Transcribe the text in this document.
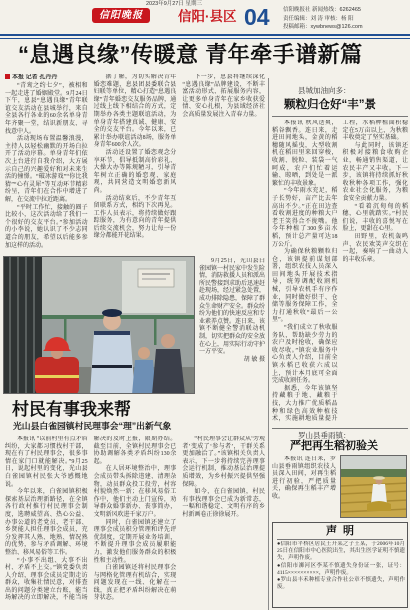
2023年9月27日 星期三
信阳晚报	信阳·县区 04 信阳晚报社 新闻热线：6262465
责任编辑：刘 涛 审核：杨 阳
投稿邮箱：xywbnews@126.com
“息遇良缘”传暖意 青年牵手谱新篇

本报 记者 孔丹丹

“青鸾之约七夕”，被相和一起走进了婚姻殿堂。9月24日下午，息县“息遇良缘”青年联谊交友活动在县城举行，来自全县各行各业的60余名单身青年齐聚一堂，结识新朋友、寻找意中人。

活动现场布置温馨浪漫，主持人以轻松幽默的开场白拉开了活动序幕。单身青年们依次上台进行自我介绍，大方展示自己的兴趣爱好和对未来生活的憧憬。“破冰游戏”“你比我猜”“心有灵犀”等互动环节精彩纷呈，青年们在合作中增进了解，在交流中拉近距离。

“平时工作忙，接触的圈子比较小，这次活动给了我们一个很好的交友平台。”参加活动的小李说，她认识了不少志同道合的朋友，希望以后能多参加这样的活动。

据了解，为切实解决青年婚恋难题，息县团县委联合县妇联等单位，精心打造“息遇良缘”青年婚恋交友服务品牌，通过线上线下相结合的方式，定期举办各类主题联谊活动，为单身青年搭建真诚、健康、安全的交友平台。今年以来，已累计举办联谊活动8场，服务单身青年600余人次。

活动还设置了婚恋观念分享环节，倡导抵制高价彩礼、大操大办等陈规陋习，引导青年树立正确的婚恋观、家庭观，共同营造文明婚恋新风尚。

活动结束后，不少青年互留联系方式，相约下次再见。工作人员表示，将持续做好跟踪服务，为有意向的青年提供后续交流机会，努力让每一份缘分都能开花结果。

下一步，息县将继续深化“息遇良缘”品牌建设，不断丰富活动形式、拓展服务内容，让更多单身青年在家乡收获爱情、安心扎根，为县域经济社会高质量发展注入青春力量。

9月25日，光山县白雀园镇一村民家中发生险情，消防救援人员和派出所民警接到求助后迅速赶赴现场，经过紧急处置，成功排除隐患，保障了群众生命财产安全。群众纷纷为他们的快速反应和专业素养点赞。连日来，该镇不断健全警消联动机制，切实把群众的安全放在心上，用实际行动守护一方平安。

胡 敏 摄

村民有事我来帮
光山县白雀园镇村民理事会“理”出新气象

本报讯 “以前村里有点矛盾纠纷，大家都习惯找村干部，现在有了村民理事会，很多事情在家门口就能解决。”9月25日，说起村里的变化，光山县白雀园镇村民张大爷感慨地说。

今年以来，白雀园镇积极探索基层治理新路径，在全镇各行政村推行村民理事会制度，选聘威望高、热心公益、办事公道的老党员、老干部、乡贤能人担任理事会成员，充分发挥其人熟、地熟、情况熟的优势，参与矛盾调解、环境整治、移风易俗等工作。

“小事不出组、大事不出村、矛盾不上交。”镇党委负责人介绍，理事会成员定期走访群众，收集社情民意，对排查出的问题分类建立台账，能当场解决的立即解决，不能当场解决的及时上报，限期办结。截至目前，全镇村民理事会已协助调解各类矛盾纠纷130余起。

在人居环境整治中，理事会成员带头拆除违建、清理杂物，动员群众投工投劳，村容村貌焕然一新；在移风易俗工作中，他们主动上门宣传，劝导群众婚事新办、丧事简办，文明新风吹进千家万户。

同时，白雀园镇还建立了理事会成员积分管理和评先评优制度，定期开展业务培训，不断提升理事会成员履职能力，激发他们服务群众的积极性和主动性。

白雀园镇还将村民理事会与网格化管理有机结合，实现问题发现在一线、化解在一线，真正把矛盾纠纷解决在萌芽状态。

“村民理事会让群众从‘旁观者’变成了‘参与者’，干群关系更加融洽了。”该镇相关负责人表示，下一步将持续完善理事会运行机制，推动基层治理提质增效，为乡村振兴提供坚强保障。

如今，在白雀园镇，村民有事找理事会已成为新常态，一幅和谐稳定、文明有序的乡村新画卷正徐徐展开。

县城加油向多：
颗粒归仓好“丰”景

本报讯 秋风送爽，稻谷飘香。连日来，走进田间地头，金黄的稻穗随风摇曳，大型收割机在稻田里来回穿梭，收割、脱粒、装袋一气呵成，农户们忙着运输、晾晒，到处是一派繁忙的丰收景象。

“今年雨水充足，稻子长势好，亩产比去年高出不少。”正在田边查看收割进度的种粮大户老王笑得合不拢嘴。他今年种植了300多亩水稻，预计总产量可达18万公斤。

为确保秋粮颗粒归仓，该镇提前谋划部署，组织农技人员深入田间地头开展技术指导，统筹调配收割机械，引导农机手有序作业，同时做好烘干、仓储等服务保障工作，全力打通秋收“最后一公里”。

“我们成立了秋收服务队，帮助缺少劳力的农户及时抢收，确保应收尽收。”镇农业服务中心负责人介绍，目前全镇水稻已收获六成以上，预计本月底可全面完成收割任务。

据悉，今年该镇坚持藏粮于地、藏粮于技，大力推广优质稻品种和绿色高效种植技术，实施耕地质量提升工程，水稻种植面积稳定在5万亩以上，为秋粮丰收奠定了坚实基础。

与此同时，该镇还积极对接粮食收购企业，畅通销售渠道，让农民丰产又丰收。下一步，该镇将持续抓好秋收秋种各项工作，强化农业社会化服务，为粮食安全贡献力量。

“看着沉甸甸的稻穗，心里就踏实。”村民们说，丰收的喜悦写在脸上，更甜在心里。

田野里，农机轰鸣声、农民欢笑声交织在一起，奏响了一曲动人的丰收乐章。

罗山县垂雨镇：
严把再生稻初验关

本报讯 连日来，罗山县垂雨镇组织农技人员深入田间，对再生稻进行初验，严把质量关，确保再生稻丰产增收。

声明

●信阳市平桥区居民王开某之子王某，于2006年10月25日在信阳市中心医院出生，其出生医学证明不慎遗失，声明作废。

●信阳市浉河区李某不慎遗失身份证一张，证号：4115××××××××××，声明作废。

●罗山县丰禾种植专业合作社公章不慎遗失，声明作废。
